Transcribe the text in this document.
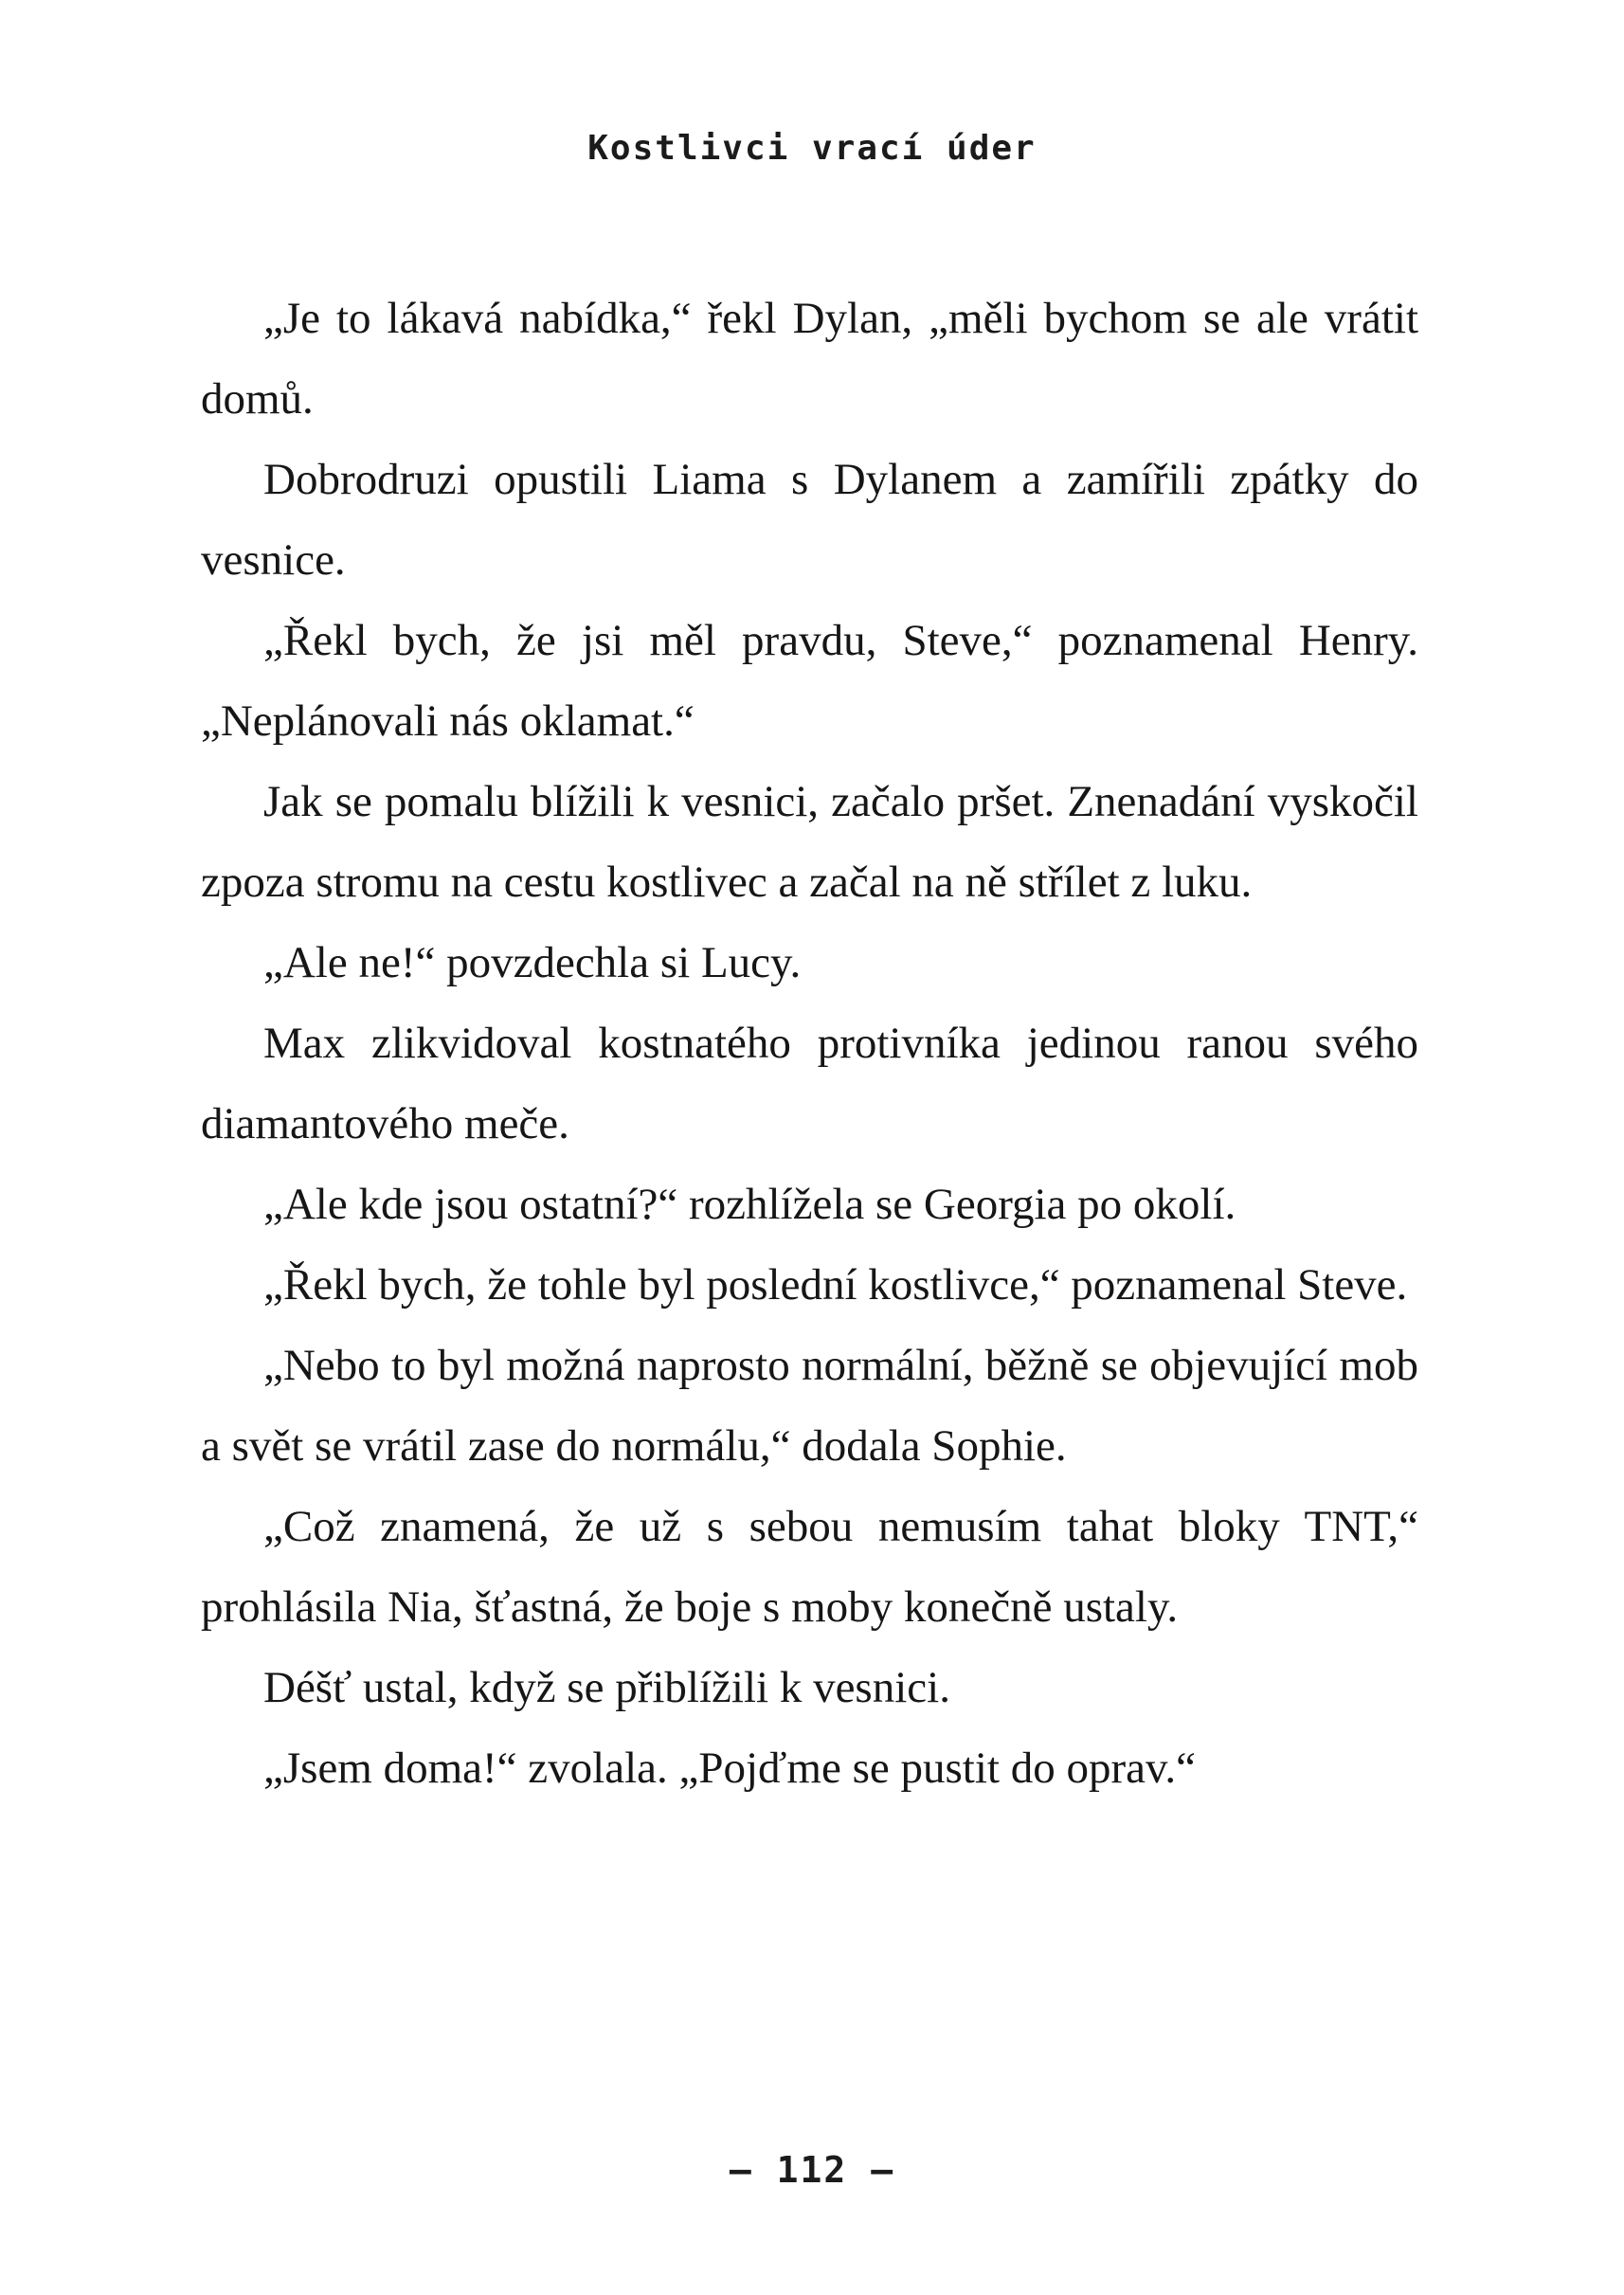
Kostlivci vrací úder

„Je to lákavá nabídka,“ řekl Dylan, „měli bychom se ale vrátit domů.

Dobrodruzi opustili Liama s Dylanem a zamířili zpátky do vesnice.

„Řekl bych, že jsi měl pravdu, Steve,“ poznamenal Henry. „Neplánovali nás oklamat.“

Jak se pomalu blížili k vesnici, začalo pršet. Znenadání vyskočil zpoza stromu na cestu kostlivec a začal na ně střílet z luku.

„Ale ne!“ povzdechla si Lucy.

Max zlikvidoval kostnatého protivníka jedinou ranou svého diamantového meče.

„Ale kde jsou ostatní?“ rozhlížela se Georgia po okolí.

„Řekl bych, že tohle byl poslední kostlivce,“ poznamenal Steve.

„Nebo to byl možná naprosto normální, běžně se objevující mob a svět se vrátil zase do normálu,“ dodala Sophie.

„Což znamená, že už s sebou nemusím tahat bloky TNT,“ prohlásila Nia, šťastná, že boje s moby konečně ustaly.

Déšť ustal, když se přiblížili k vesnici.

„Jsem doma!“ zvolala. „Pojďme se pustit do oprav.“

– 112 –
